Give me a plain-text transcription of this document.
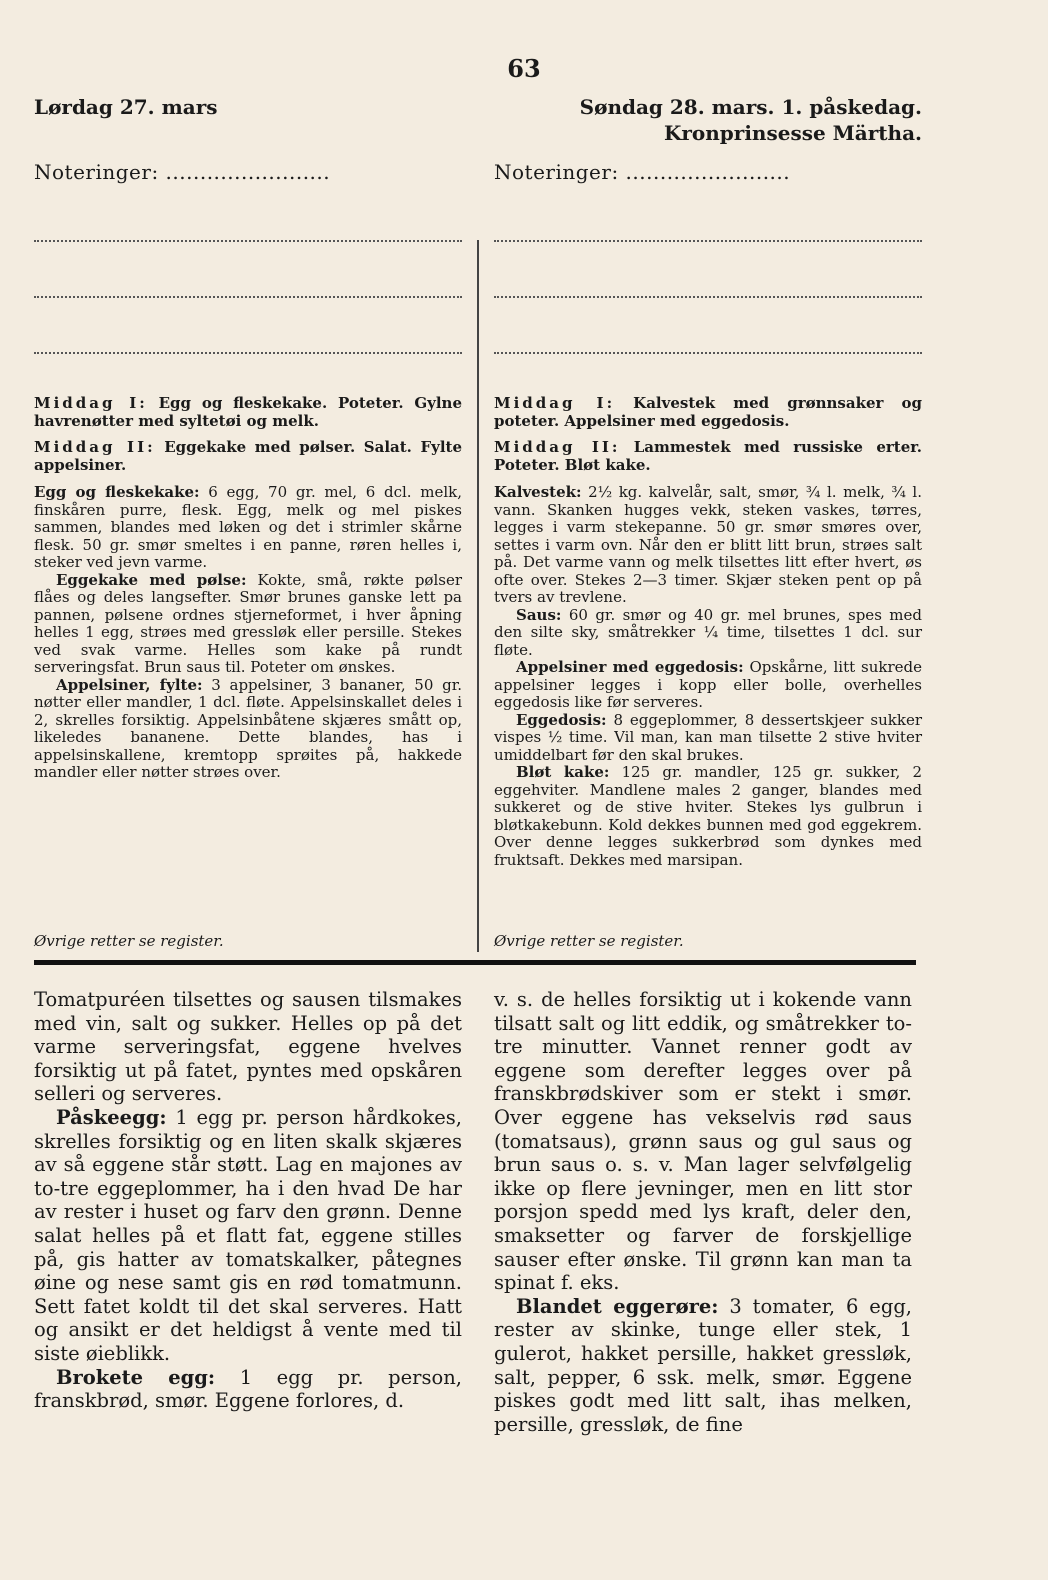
63

Lørdag 27. mars

Noteringer: ........................

Middag I: Egg og fleskekake. Poteter. Gylne havrenøtter med syltetøi og melk.

Middag II: Eggekake med pølser. Salat. Fylte appelsiner.

Egg og fleskekake: 6 egg, 70 gr. mel, 6 dcl. melk, finskåren purre, flesk. Egg, melk og mel piskes sammen, blandes med løken og det i strimler skårne flesk. 50 gr. smør smeltes i en panne, røren helles i, steker ved jevn varme.

Eggekake med pølse: Kokte, små, røkte pølser flåes og deles langsefter. Smør brunes ganske lett pa pannen, pølsene ordnes stjerneformet, i hver åpning helles 1 egg, strøes med gressløk eller persille. Stekes ved svak varme. Helles som kake på rundt serveringsfat. Brun saus til. Poteter om ønskes.

Appelsiner, fylte: 3 appelsiner, 3 bananer, 50 gr. nøtter eller mandler, 1 dcl. fløte. Appelsinskallet deles i 2, skrelles forsiktig. Appelsinbåtene skjæres smått op, likeledes bananene. Dette blandes, has i appelsinskallene, kremtopp sprøites på, hakkede mandler eller nøtter strøes over.

Øvrige retter se register.

Søndag 28. mars. 1. påskedag.

Kronprinsesse Märtha.

Noteringer: ........................

Middag I: Kalvestek med grønnsaker og poteter. Appelsiner med eggedosis.

Middag II: Lammestek med russiske erter. Poteter. Bløt kake.

Kalvestek: 2½ kg. kalvelår, salt, smør, ¾ l. melk, ¾ l. vann. Skanken hugges vekk, steken vaskes, tørres, legges i varm stekepanne. 50 gr. smør smøres over, settes i varm ovn. Når den er blitt litt brun, strøes salt på. Det varme vann og melk tilsettes litt efter hvert, øs ofte over. Stekes 2—3 timer. Skjær steken pent op på tvers av trevlene.

Saus: 60 gr. smør og 40 gr. mel brunes, spes med den silte sky, småtrekker ¼ time, tilsettes 1 dcl. sur fløte.

Appelsiner med eggedosis: Opskårne, litt sukrede appelsiner legges i kopp eller bolle, overhelles eggedosis like før serveres.

Eggedosis: 8 eggeplommer, 8 dessertskjeer sukker vispes ½ time. Vil man, kan man tilsette 2 stive hviter umiddelbart før den skal brukes.

Bløt kake: 125 gr. mandler, 125 gr. sukker, 2 eggehviter. Mandlene males 2 ganger, blandes med sukkeret og de stive hviter. Stekes lys gulbrun i bløtkakebunn. Kold dekkes bunnen med god eggekrem. Over denne legges sukkerbrød som dynkes med fruktsaft. Dekkes med marsipan.

Øvrige retter se register.

Tomatpuréen tilsettes og sausen tilsmakes med vin, salt og sukker. Helles op på det varme serveringsfat, eggene hvelves forsiktig ut på fatet, pyntes med opskåren selleri og serveres.

Påskeegg: 1 egg pr. person hårdkokes, skrelles forsiktig og en liten skalk skjæres av så eggene står støtt. Lag en majones av to-tre eggeplommer, ha i den hvad De har av rester i huset og farv den grønn. Denne salat helles på et flatt fat, eggene stilles på, gis hatter av tomatskalker, påtegnes øine og nese samt gis en rød tomatmunn. Sett fatet koldt til det skal serveres. Hatt og ansikt er det heldigst å vente med til siste øieblikk.

Brokete egg: 1 egg pr. person, franskbrød, smør. Eggene forlores, d.

v. s. de helles forsiktig ut i kokende vann tilsatt salt og litt eddik, og småtrekker to-tre minutter. Vannet renner godt av eggene som derefter legges over på franskbrødskiver som er stekt i smør. Over eggene has vekselvis rød saus (tomatsaus), grønn saus og gul saus og brun saus o. s. v. Man lager selvfølgelig ikke op flere jevninger, men en litt stor porsjon spedd med lys kraft, deler den, smaksetter og farver de forskjellige sauser efter ønske. Til grønn kan man ta spinat f. eks.

Blandet eggerøre: 3 tomater, 6 egg, rester av skinke, tunge eller stek, 1 gulerot, hakket persille, hakket gressløk, salt, pepper, 6 ssk. melk, smør. Eggene piskes godt med litt salt, ihas melken, persille, gressløk, de fine
